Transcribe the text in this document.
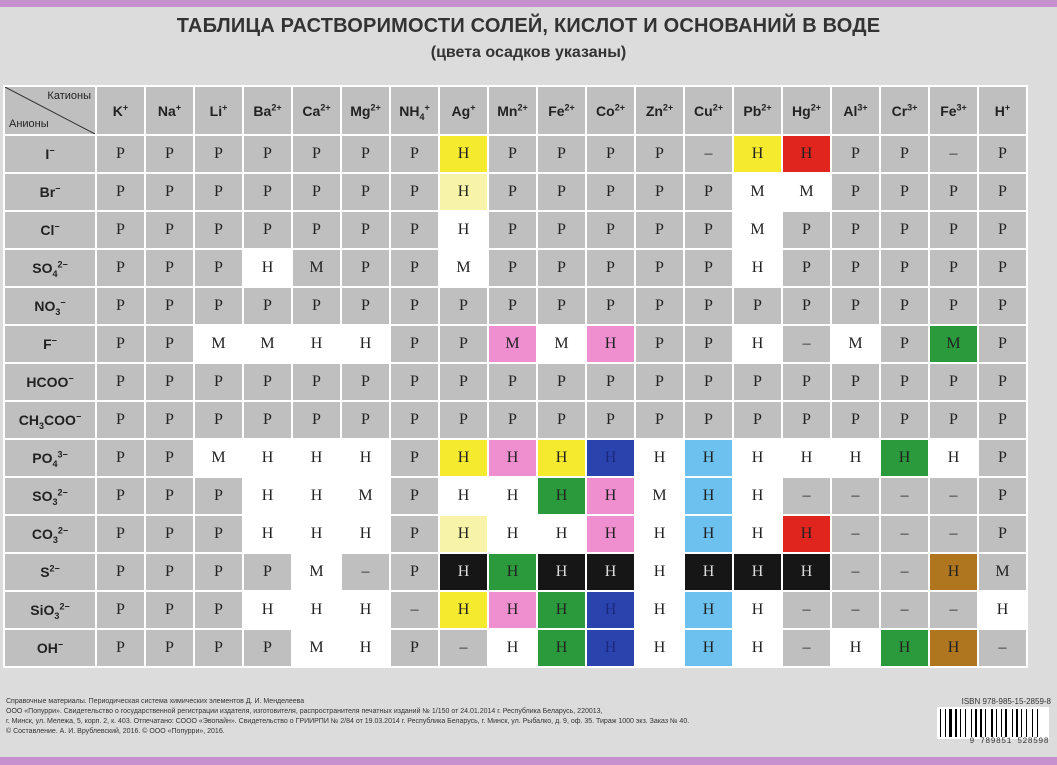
ТАБЛИЦА РАСТВОРИМОСТИ СОЛЕЙ, КИСЛОТ И ОСНОВАНИЙ В ВОДЕ
(цвета осадков указаны)
Катионы
Анионы	K+	Na+	Li+	$Ba^{2+}$	$Ca^{2+}$	$Mg^{2+}$	$NH_4^+$	Ag+	$Mn^{2+}$	$Fe^{2+}$	$Co^{2+}$	$Zn^{2+}$	$Cu^{2+}$	$Pb^{2+}$	$Hg^{2+}$	$Al^{3+}$	$Cr^{3+}$	$Fe^{3+}$	H+
I−	Р	Р	Р	Р	Р	Р	Р	Н	Р	Р	Р	Р	–	Н	Н	Р	Р	–	Р
Br−	Р	Р	Р	Р	Р	Р	Р	Н	Р	Р	Р	Р	Р	М	М	Р	Р	Р	Р
Cl−	Р	Р	Р	Р	Р	Р	Р	Н	Р	Р	Р	Р	Р	М	Р	Р	Р	Р	Р
$SO_4^{2-}$	Р	Р	Р	Н	М	Р	Р	М	Р	Р	Р	Р	Р	Н	Р	Р	Р	Р	Р
$NO_3^-$	Р	Р	Р	Р	Р	Р	Р	Р	Р	Р	Р	Р	Р	Р	Р	Р	Р	Р	Р
F−	Р	Р	М	М	Н	Н	Р	Р	М	М	Н	Р	Р	Н	–	М	Р	М	Р
HCOO−	Р	Р	Р	Р	Р	Р	Р	Р	Р	Р	Р	Р	Р	Р	Р	Р	Р	Р	Р
$CH_3COO^-$	Р	Р	Р	Р	Р	Р	Р	Р	Р	Р	Р	Р	Р	Р	Р	Р	Р	Р	Р
$PO_4^{3-}$	Р	Р	М	Н	Н	Н	Р	Н	Н	Н	Н	Н	Н	Н	Н	Н	Н	Н	Р
$SO_3^{2-}$	Р	Р	Р	Н	Н	М	Р	Н	Н	Н	Н	М	Н	Н	–	–	–	–	Р
$CO_3^{2-}$	Р	Р	Р	Н	Н	Н	Р	Н	Н	Н	Н	Н	Н	Н	Н	–	–	–	Р
$S^{2-}$	Р	Р	Р	Р	М	–	Р	Н	Н	Н	Н	Н	Н	Н	Н	–	–	Н	М
SiO$_3^{2-}$	Р	Р	Р	Н	Н	Н	–	Н	Н	Н	Н	Н	Н	Н	–	–	–	–	Н
OH−	Р	Р	Р	Р	М	Н	Р	–	Н	Н	Н	Н	Н	Н	–	Н	Н	Н	–
Справочные материалы. Периодическая система химических элементов Д. И. Менделеева
ООО «Попурри». Свидетельство о государственной регистрации издателя, изготовителя, распространителя печатных изданий № 1/150 от 24.01.2014 г. Республика Беларусь, 220013,
г. Минск, ул. Мележа, 5, корп. 2, к. 403. Отпечатано: СООО «Эвопайн». Свидетельство о ГРИИРПИ № 2/84 от 19.03.2014 г. Республика Беларусь, г. Минск, ул. Рыбалко, д. 9, оф. 35. Тираж 1000 экз. Заказ № 40.
© Составление. А. И. Врублевский, 2016. © ООО «Попурри», 2016.
ISBN 978-985-15-2859-8
9 789851 528598
